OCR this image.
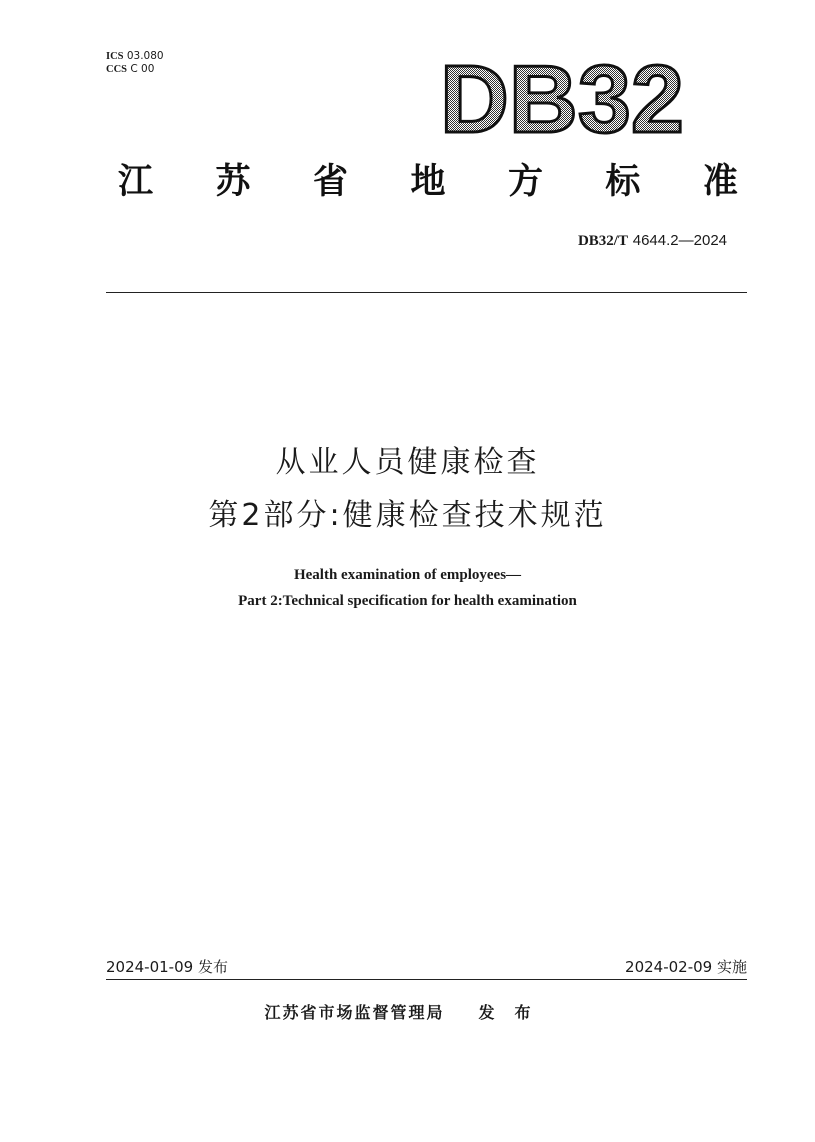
ICS 03.080
CCS C 00	DB32
江 苏 省 地 方 标 准
DB32/T 4644.2—2024
从业人员健康检查
第2部分:健康检查技术规范
Health examination of employees—
Part 2:Technical specification for health examination
2024-01-09 发布	2024-02-09 实施
江苏省市场监督管理局 发布
